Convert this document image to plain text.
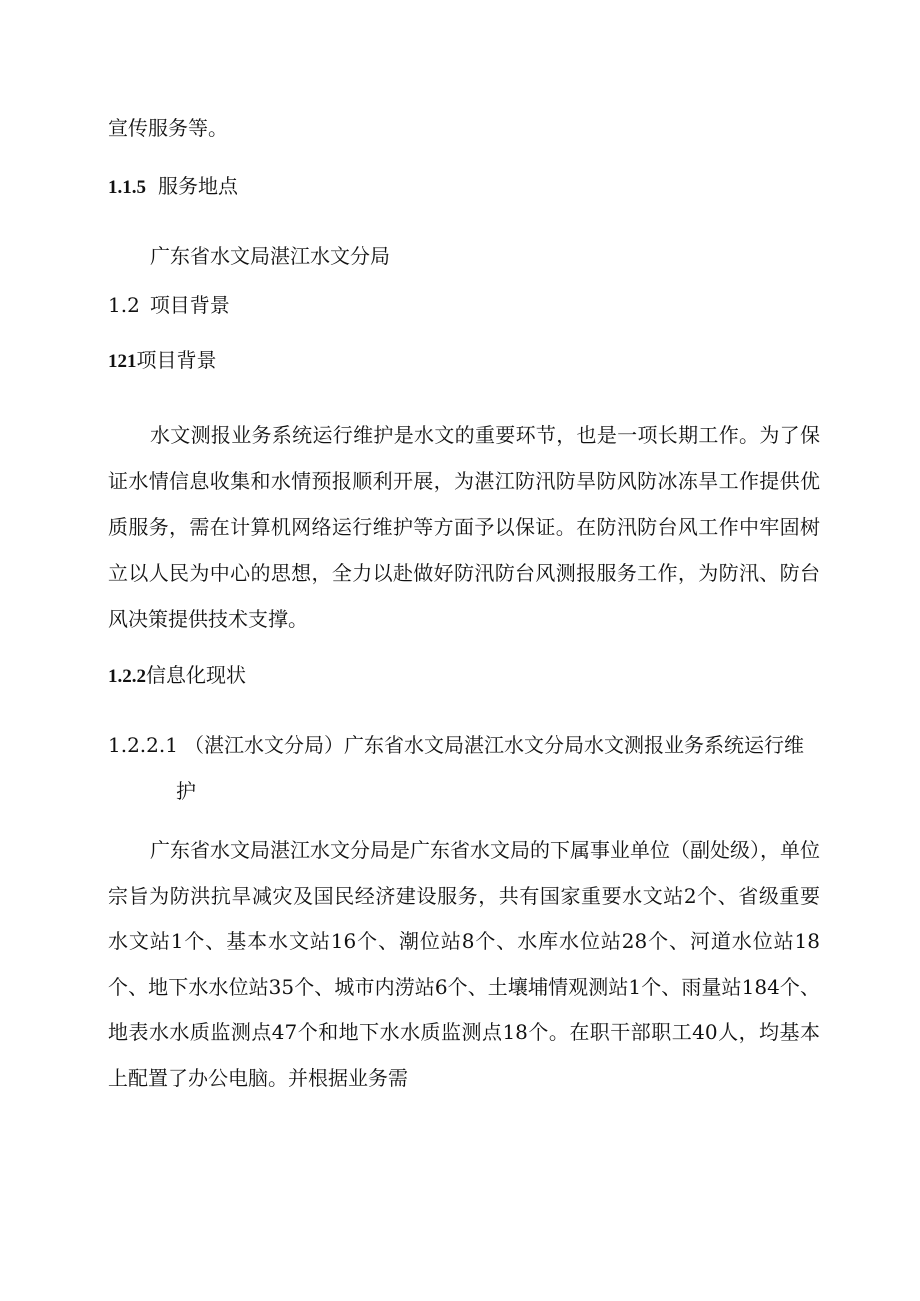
宣传服务等。
1.1.5 服务地点
广东省水文局湛江水文分局
1.2 项目背景
121项目背景

水文测报业务系统运行维护是水文的重要环节，也是一项长期工作。为了保证水情信息收集和水情预报顺利开展，为湛江防汛防旱防风防冰冻旱工作提供优质服务，需在计算机网络运行维护等方面予以保证。在防汛防台风工作中牢固树立以人民为中心的思想，全力以赴做好防汛防台风测报服务工作，为防汛、防台风决策提供技术支撑。

1.2.2信息化现状
1.2.2.1 （湛江水文分局）广东省水文局湛江水文分局水文测报业务系统运行维
护

广东省水文局湛江水文分局是广东省水文局的下属事业单位（副处级），单位宗旨为防洪抗旱减灾及国民经济建设服务，共有国家重要水文站2个、省级重要水文站1个、基本水文站16个、潮位站8个、水库水位站28个、河道水位站18个、地下水水位站35个、城市内涝站6个、土壤埔情观测站1个、雨量站184个、地表水水质监测点47个和地下水水质监测点18个。在职干部职工40人，均基本上配置了办公电脑。并根据业务需
